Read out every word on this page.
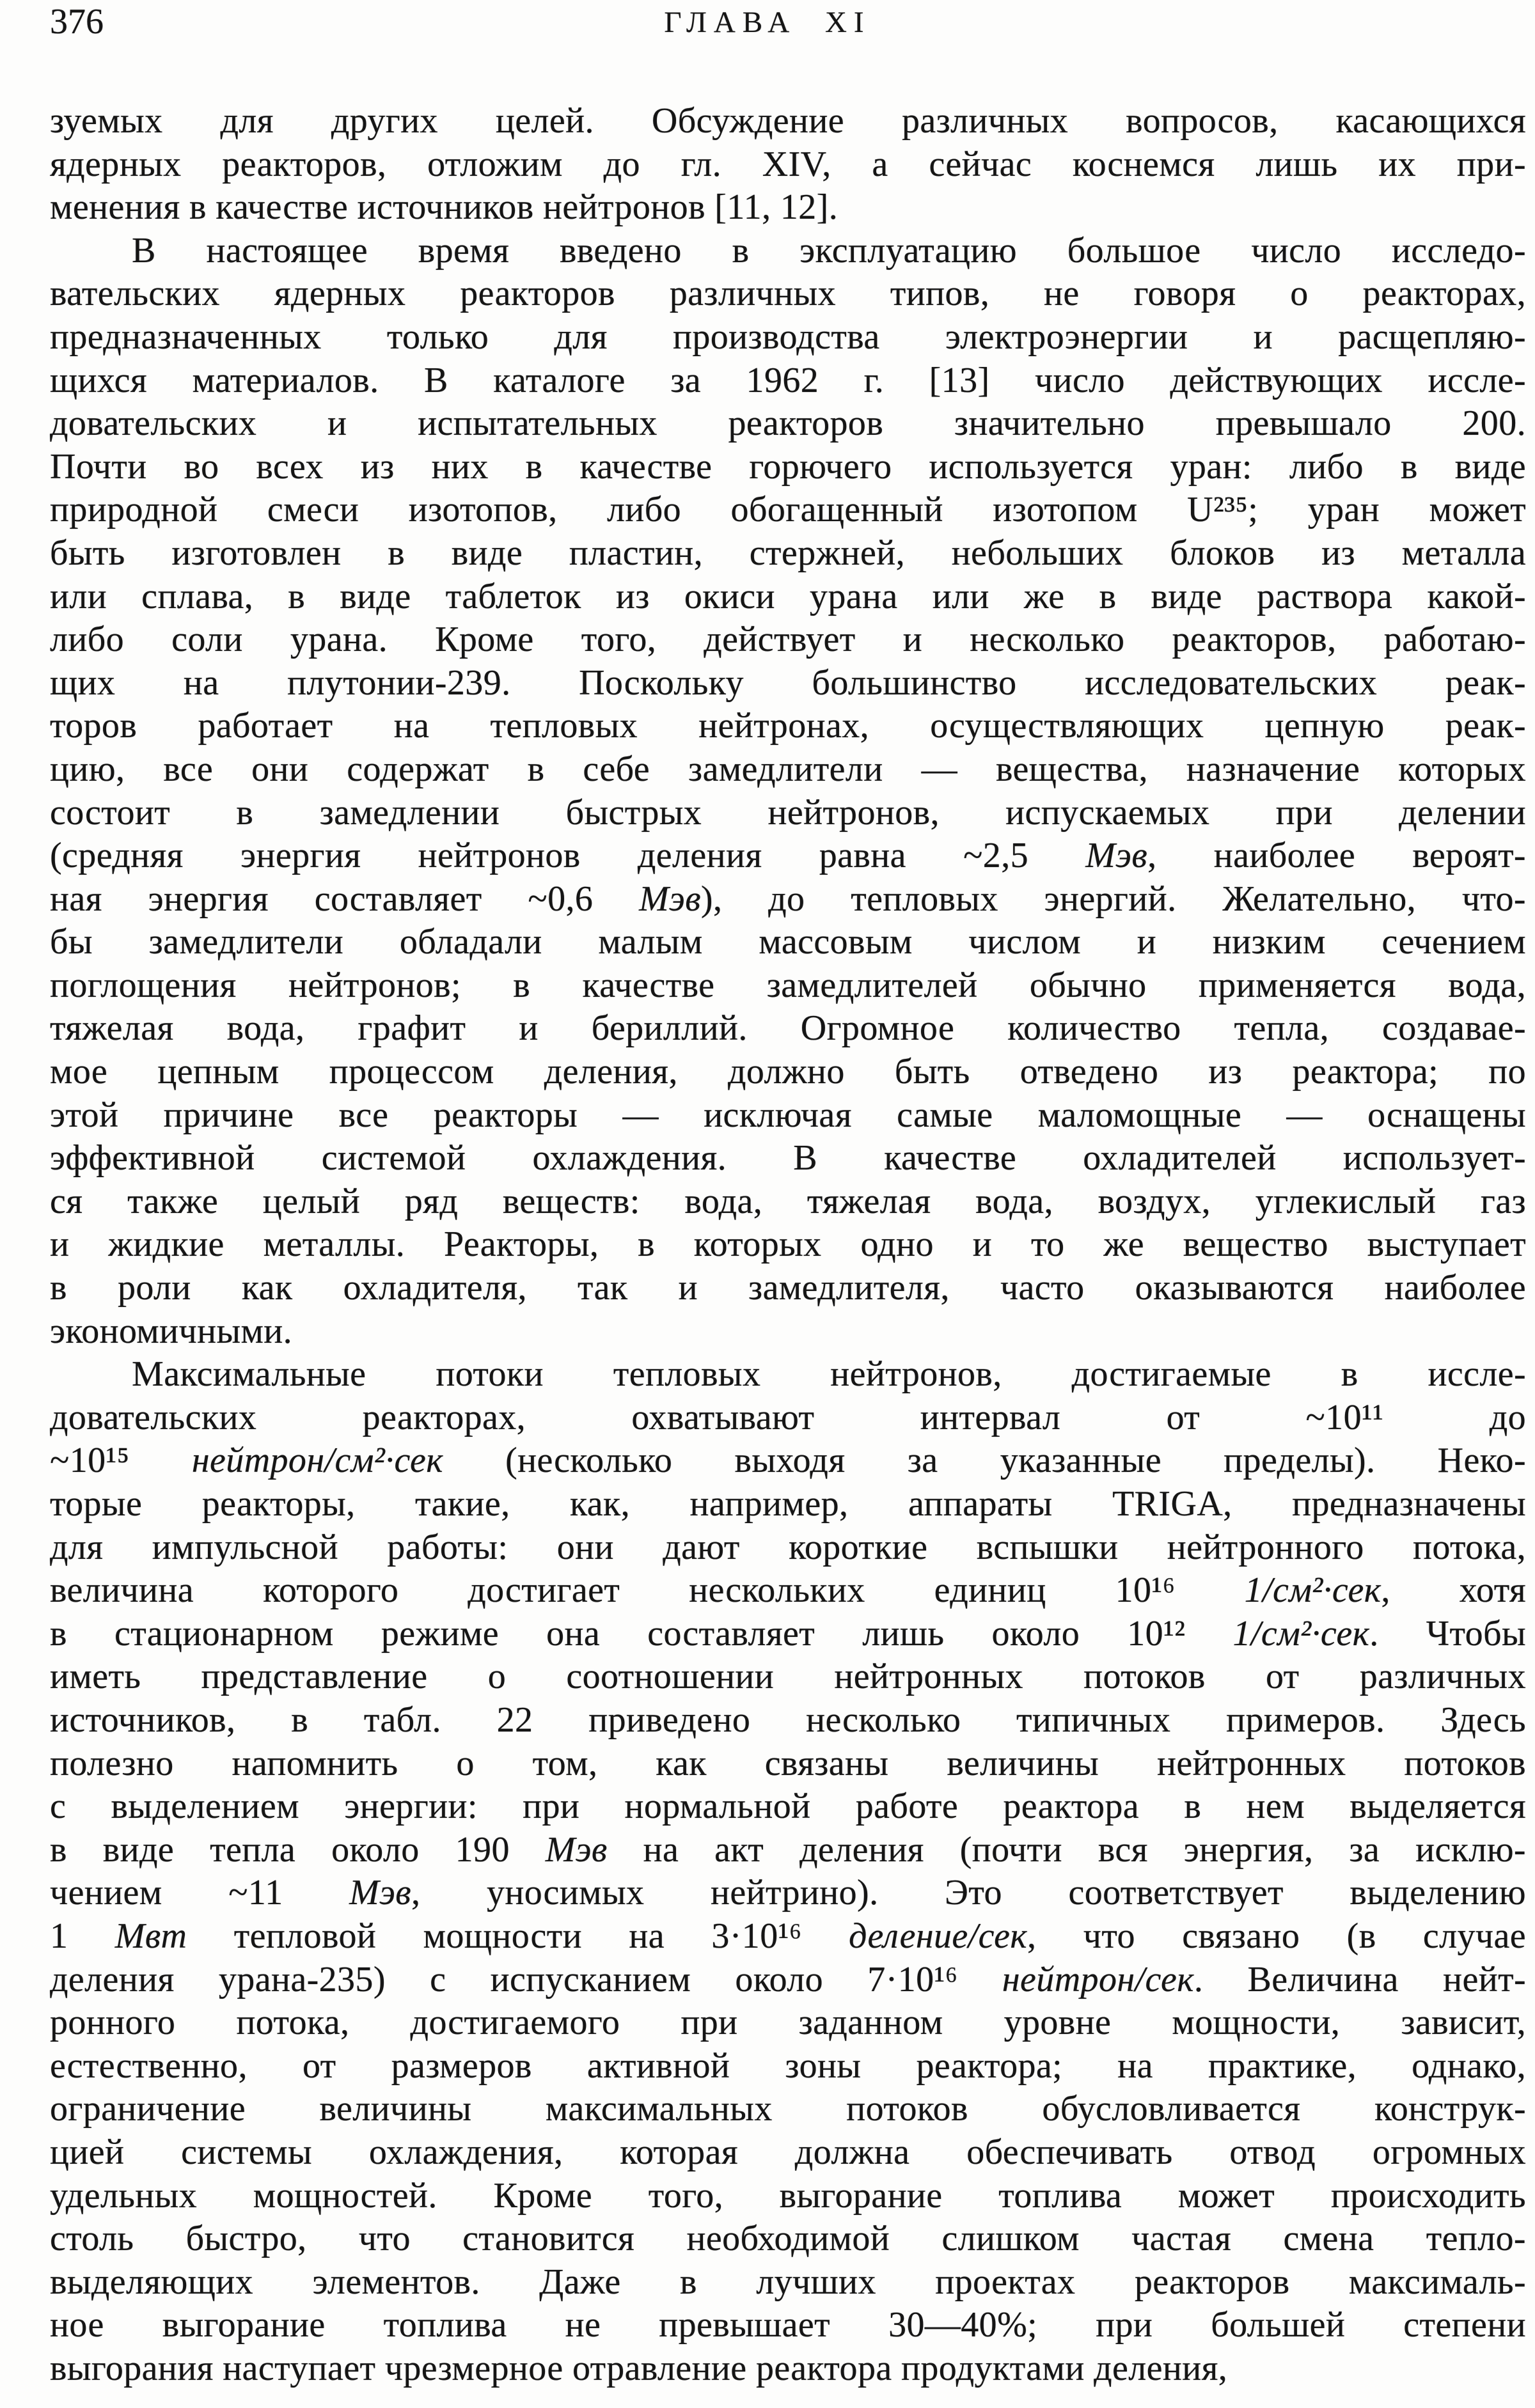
376	ГЛАВА XI
зуемых для других целей. Обсуждение различных вопросов, касающихся
ядерных реакторов, отложим до гл. XIV, а сейчас коснемся лишь их при-
менения в качестве источников нейтронов [11, 12].
В настоящее время введено в эксплуатацию большое число исследо-
вательских ядерных реакторов различных типов, не говоря о реакторах,
предназначенных только для производства электроэнергии и расщепляю-
щихся материалов. В каталоге за 1962 г. [13] число действующих иссле-
довательских и испытательных реакторов значительно превышало 200.
Почти во всех из них в качестве горючего используется уран: либо в виде
природной смеси изотопов, либо обогащенный изотопом U²³⁵; уран может
быть изготовлен в виде пластин, стержней, небольших блоков из металла
или сплава, в виде таблеток из окиси урана или же в виде раствора какой-
либо соли урана. Кроме того, действует и несколько реакторов, работаю-
щих на плутонии-239. Поскольку большинство исследовательских реак-
торов работает на тепловых нейтронах, осуществляющих цепную реак-
цию, все они содержат в себе замедлители — вещества, назначение которых
состоит в замедлении быстрых нейтронов, испускаемых при делении
(средняя энергия нейтронов деления равна ~2,5 Мэв, наиболее вероят-
ная энергия составляет ~0,6 Мэв), до тепловых энергий. Желательно, что-
бы замедлители обладали малым массовым числом и низким сечением
поглощения нейтронов; в качестве замедлителей обычно применяется вода,
тяжелая вода, графит и бериллий. Огромное количество тепла, создавае-
мое цепным процессом деления, должно быть отведено из реактора; по
этой причине все реакторы — исключая самые маломощные — оснащены
эффективной системой охлаждения. В качестве охладителей использует-
ся также целый ряд веществ: вода, тяжелая вода, воздух, углекислый газ
и жидкие металлы. Реакторы, в которых одно и то же вещество выступает
в роли как охладителя, так и замедлителя, часто оказываются наиболее
экономичными.
Максимальные потоки тепловых нейтронов, достигаемые в иссле-
довательских реакторах, охватывают интервал от ~10¹¹ до
~10¹⁵ нейтрон/см²·сек (несколько выходя за указанные пределы). Неко-
торые реакторы, такие, как, например, аппараты TRIGA, предназначены
для импульсной работы: они дают короткие вспышки нейтронного потока,
величина которого достигает нескольких единиц 10¹⁶ 1/см²·сек, хотя
в стационарном режиме она составляет лишь около 10¹² 1/см²·сек. Чтобы
иметь представление о соотношении нейтронных потоков от различных
источников, в табл. 22 приведено несколько типичных примеров. Здесь
полезно напомнить о том, как связаны величины нейтронных потоков
с выделением энергии: при нормальной работе реактора в нем выделяется
в виде тепла около 190 Мэв на акт деления (почти вся энергия, за исклю-
чением ~11 Мэв, уносимых нейтрино). Это соответствует выделению
1 Мвт тепловой мощности на 3·10¹⁶ деление/сек, что связано (в случае
деления урана-235) с испусканием около 7·10¹⁶ нейтрон/сек. Величина нейт-
ронного потока, достигаемого при заданном уровне мощности, зависит,
естественно, от размеров активной зоны реактора; на практике, однако,
ограничение величины максимальных потоков обусловливается конструк-
цией системы охлаждения, которая должна обеспечивать отвод огромных
удельных мощностей. Кроме того, выгорание топлива может происходить
столь быстро, что становится необходимой слишком частая смена тепло-
выделяющих элементов. Даже в лучших проектах реакторов максималь-
ное выгорание топлива не превышает 30—40%; при большей степени
выгорания наступает чрезмерное отравление реактора продуктами деления,
